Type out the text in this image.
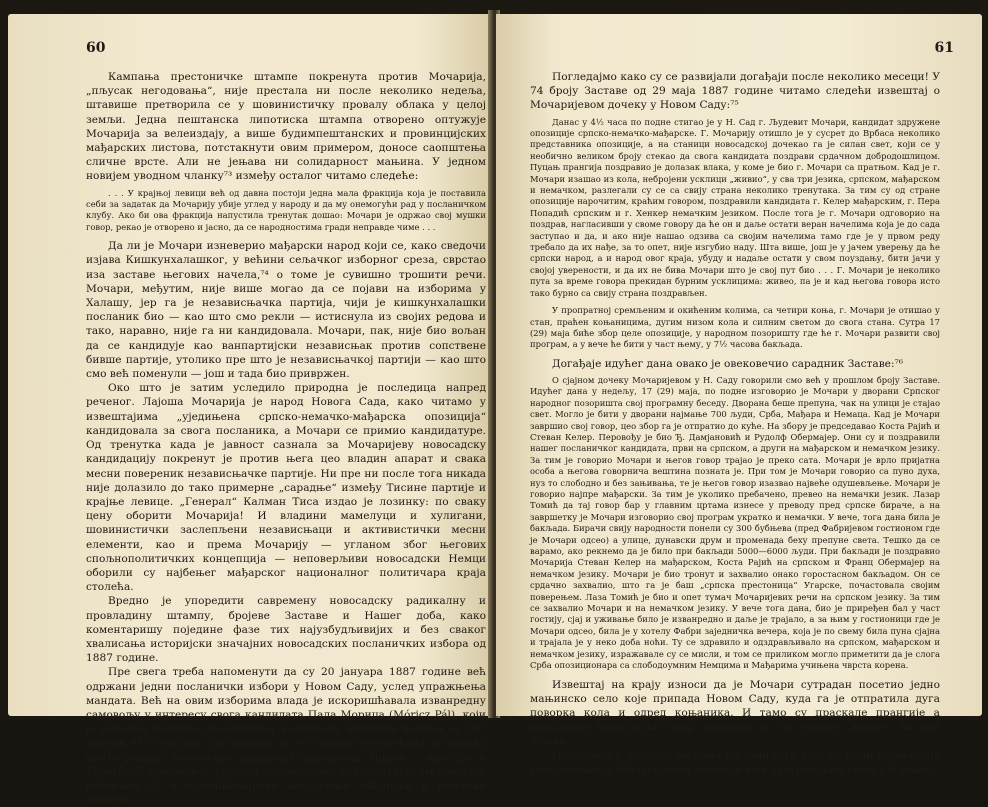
60

Кампања престоничке штампе покренута против Мочарија, „пљусак негодовања“, није престала ни после неколико недеља, штавише претворила се у шовинистичку провалу облака у целој земљи. Једна пештанска липотиска штампа отворено оптужује Мочарија за велеиздају, а више будимпештанских и провинцијских мађарских листова, потстакнути овим примером, доносе саопштења сличне врсте. Али не јењава ни солидарност мањина. У једном новијем уводном чланку⁷³ између осталог читамо следеће:

. . . У крајњој левици већ од давна постоји једна мала фракција која је поставила себи за задатак да Мочарију убије углед у народу и да му онемогући рад у посланичком клубу. Ако би ова фракција напустила тренутак дошао: Мочари је одржао свој мушки говор, рекао је отворено и јасно, да се народностима гради неправде чиме . . .

Да ли је Мочари изневерио мађарски народ који се, како сведочи изјава Кишкунхалашког, у већини сељачког изборног среза, сврстао иза заставе његових начела,⁷⁴ о томе је сувишно трошити речи. Мочари, међутим, није више могао да се појави на изборима у Халашу, јер га је независњачка партија, чији је кишкунхалашки посланик био — као што смо рекли — истиснула из својих редова и тако, наравно, није га ни кандидовала. Мочари, пак, није био вољан да се кандидује као ванпартијски независњак против сопствене бивше партије, утолико пре што је независњачкој партији — као што смо већ поменули — још и тада био привржен.

Око што је затим уследило природна је последица напред реченог. Лајоша Мочарија је народ Новога Сада, како читамо у извештајима „уједињена српско-немачко-мађарска опозиција“ кандидовала за свога посланика, а Мочари се примио кандидатуре. Од тренутка када је јавност сазнала за Мочаријеву новосадску кандидацију покренут је против њега цео владин апарат и свака месни повереник независњачке партије. Ни пре ни после тога никада није долазило до тако примерне „сарадње“ између Тисине партије и крајње левице. „Генерал“ Калман Тиса издао је лозинку: по сваку цену оборити Мочарија! И владини мамелуци и хулигани, шовинистички заслепљени независњаци и активистички месни елементи, као и према Мочарију — угланом због његових спољнополитичких концепција — неповерљиви новосадски Немци оборили су најбењег мађарског националног политичара краја столећа.

Вредно је упоредити савремену новосадску радикалну и провладину штампу, бројеве Заставе и Нашег доба, како коментаришу поједине фазе тих најузбудљивијих и без сваког хвалисања историјски значајних новосадских посланичких избора од 1887 године.

Пре свега треба напоменути да су 20 јануара 1887 године већ одржани једни посланички избори у Новом Саду, услед упражњења мандата. Већ на овим изборима влада је искоришћавала изванредну самовољу у интересу свога кандидата Пала Морица (Móricz Pál), који је напокон победио опозиционог кандидата Антонија Хаџића са 507 против 411 гласова. Ова већина од 96 гласова обезбеђена је помоћу неито ранијих насељених државних чиновника. Иначе — као што и Egyetértés признаје — српског опозиционог кандидата, осим српских, помагали су и опозиционарски настројени мађарски и немачки бирачи.

61

Погледајмо како су се развијали догађаји после неколико месеци! У 74 броју Заставе од 29 маја 1887 године читамо следећи извештај о Мочаријевом дочеку у Новом Саду:⁷⁵

Данас у 4½ часа по подне стигао је у Н. Сад г. Људевит Мочари, кандидат здружене опозиције српско-немачко-мађарске. Г. Мочарију отишло је у сусрет до Врбаса неколико представника опозиције, а на станици новосадској дочекао га је силан свет, који се у необично великом броју стекао да свога кандидата поздрави срдачном добродошлицом. Пуцањ прангија поздравио је долазак влака, у коме је био г. Мочари са пратњом. Кад је г. Мочари изашао из кола, небројени усклици „живио“, у сва три језика, српском, мађарском и немачком, разлегали су се са свију страна неколико тренутака. За тим су од стране опозиције нарочитим, краћим говором, поздравили кандидата г. Келер мађарским, г. Пера Попадић српским и г. Хенкер немачким језиком. После тога је г. Мочари одговорио на поздрав, нагласивши у своме говору да ће он и даље остати веран начелима која је до сада заступао и да, и ако није нашао одзива са својим начелима тамо где је у првом реду требало да их нађе, за то опет, није изгубио наду. Шта више, још је у јачем уверењу да ће српски народ, а и народ овог краја, убуду и надаље остати у свом поуздању, бити јачи у својој уверености, и да их не бива Мочари што је свој пут био . . . Г. Мочари је неколико пута за време говора прекидан бурним усклицима: живео, па је и кад његова говора исто тако бурно са свију страна поздрављен.

У пропратној сремљеним и окићеним колима, са четири коња, г. Мочари је отишао у стан, праћен коњаницима, дугим низом кола и силним светом до свога стана. Сутра 17 (29) маја биће збор целе опозиције, у народном позоришту где ће г. Мочари развити свој програм, а у вече ће бити у част њему, у 7½ часова бакљада.

Догађаје идућег дана овако је овековечио сарадник Заставе:⁷⁶

О сјајном дочеку Мочаријевом у Н. Саду говорили смо већ у прошлом броју Заставе. Идућег дана у недељу, 17 (29) маја, по подне изговорио је Мочари у дворани Српског народног позоришта свој програмну беседу. Дворана беше препуна, чак на улици је стајао свет. Могло је бити у дворани најмање 700 људи, Срба, Мађара и Немаца. Кад је Мочари завршио свој говор, цео збор га је отпратио до куће. На збору је председавао Коста Рајић и Стеван Келер. Перовођу је био Ђ. Дамјановић и Рудолф Обермајер. Они су и поздравили нашег посланичког кандидата, први на српском, а други на мађарском и немачком језику. За тим је говорио Мочари и његов говор трајао је преко сата. Мочари је врло пријатна особа а његова говорнича вештина позната је. При том је Мочари говорио са пуно духа, нуз то слободно и без зањивања, те је његов говор изазвао највеће одушевљење. Мочари је говорио најпре мађарски. За тим је уколико пребачено, превео на немачки језик. Лазар Томић да тај говор бар у главним цртама изнесе у преводу пред српске бираче, а на завршетку је Мочари изговорио свој програм укратко и немачки. У вече, тога дана била је бакљада. Бирачи свију народности понели су 300 бубњева (пред Фабријевом гостионом где је Мочари одсео) а улице, дунавски друм и променада беху препуне света. Тешко да се варамо, ако рекнемо да је било при бакљади 5000—6000 људи. При бакљади је поздравио Мочарија Стеван Келер на мађарском, Коста Рајић на српском и Франц Обермајер на немачком језику. Мочари је био тронут и захвалио онако горостасном бакљадом. Он се срдачно захвалио, што га је баш „српска престоница“ Угарске, почастовала својим поверењем. Лаза Томић је био и опет тумач Мочаријевих речи на српском језику. За тим се захвалио Мочари и на немачком језику. У вече тога дана, био је приређен бал у част гостију, сјај и уживање било је изванредно и даље је трајало, а за њим у гостионици где је Мочари одсео, била је у хотелу Фабри заједничка вечера, која је по свему била пуна сјајна и трајала је у неко доба ноћи. Ту се здравило и одздрављивало на српском, мађарском и немачком језику, изражавале су се мисли, и том се приликом могло приметити да је слога Срба опозиционара са слободоумним Немцима и Мађарима учињена чврста корена.

Извештај на крају износи да је Мочари сутрадан посетио једно мањинско село које припада Новом Саду, куда га је отпратила дуга поворка кола и одред коњаника. И тамо су праскале прангије а пространи новосадски атар одјекивао је од узвика „Живео“ на три језика.

После овога читаоца не само ће занимати који су били најважније констатације у Мочаријевом новосадском програмском говору и зашто
